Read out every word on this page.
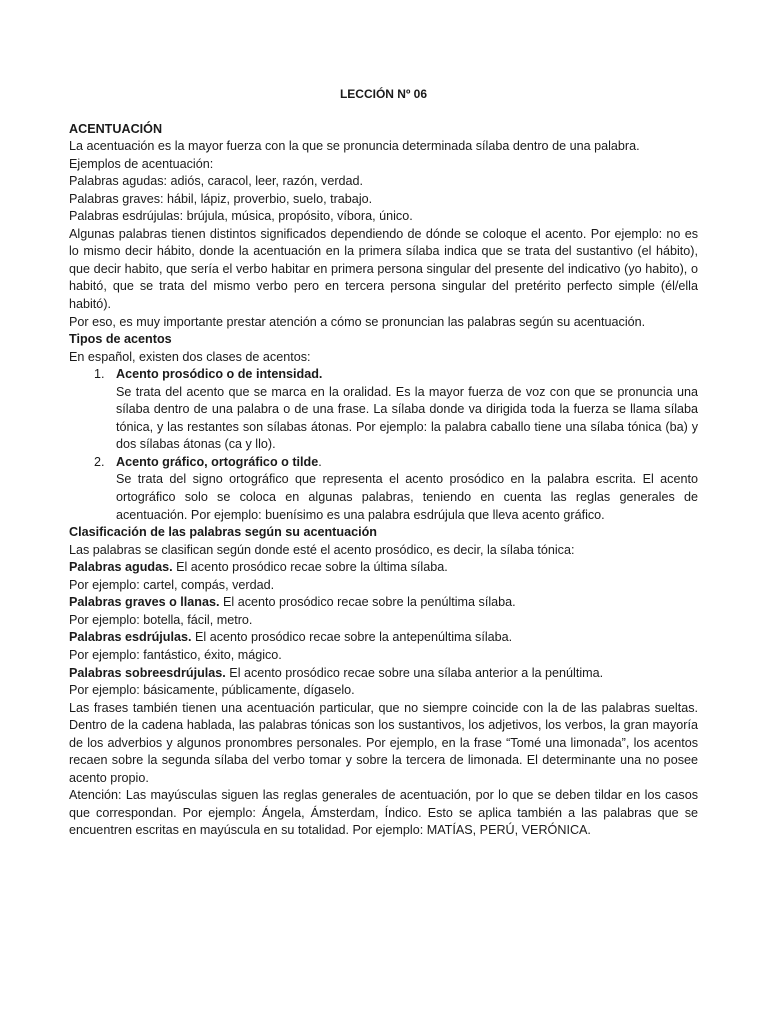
LECCIÓN Nº 06

ACENTUACIÓN

La acentuación es la mayor fuerza con la que se pronuncia determinada sílaba dentro de una palabra.

Ejemplos de acentuación:

Palabras agudas: adiós, caracol, leer, razón, verdad.

Palabras graves: hábil, lápiz, proverbio, suelo, trabajo.

Palabras esdrújulas: brújula, música, propósito, víbora, único.

Algunas palabras tienen distintos significados dependiendo de dónde se coloque el acento. Por ejemplo: no es lo mismo decir hábito, donde la acentuación en la primera sílaba indica que se trata del sustantivo (el hábito), que decir habito, que sería el verbo habitar en primera persona singular del presente del indicativo (yo habito), o habitó, que se trata del mismo verbo pero en tercera persona singular del pretérito perfecto simple (él/ella habitó).

Por eso, es muy importante prestar atención a cómo se pronuncian las palabras según su acentuación.

Tipos de acentos

En español, existen dos clases de acentos:

1. Acento prosódico o de intensidad.

Se trata del acento que se marca en la oralidad. Es la mayor fuerza de voz con que se pronuncia una sílaba dentro de una palabra o de una frase. La sílaba donde va dirigida toda la fuerza se llama sílaba tónica, y las restantes son sílabas átonas. Por ejemplo: la palabra caballo tiene una sílaba tónica (ba) y dos sílabas átonas (ca y llo).

2. Acento gráfico, ortográfico o tilde.

Se trata del signo ortográfico que representa el acento prosódico en la palabra escrita. El acento ortográfico solo se coloca en algunas palabras, teniendo en cuenta las reglas generales de acentuación. Por ejemplo: buenísimo es una palabra esdrújula que lleva acento gráfico.

Clasificación de las palabras según su acentuación

Las palabras se clasifican según donde esté el acento prosódico, es decir, la sílaba tónica:

Palabras agudas. El acento prosódico recae sobre la última sílaba.

Por ejemplo: cartel, compás, verdad.

Palabras graves o llanas. El acento prosódico recae sobre la penúltima sílaba.

Por ejemplo: botella, fácil, metro.

Palabras esdrújulas. El acento prosódico recae sobre la antepenúltima sílaba.

Por ejemplo: fantástico, éxito, mágico.

Palabras sobreesdrújulas. El acento prosódico recae sobre una sílaba anterior a la penúltima.

Por ejemplo: básicamente, públicamente, dígaselo.

Las frases también tienen una acentuación particular, que no siempre coincide con la de las palabras sueltas. Dentro de la cadena hablada, las palabras tónicas son los sustantivos, los adjetivos, los verbos, la gran mayoría de los adverbios y algunos pronombres personales. Por ejemplo, en la frase “Tomé una limonada”, los acentos recaen sobre la segunda sílaba del verbo tomar y sobre la tercera de limonada. El determinante una no posee acento propio.

Atención: Las mayúsculas siguen las reglas generales de acentuación, por lo que se deben tildar en los casos que correspondan. Por ejemplo: Ángela, Ámsterdam, Índico. Esto se aplica también a las palabras que se encuentren escritas en mayúscula en su totalidad. Por ejemplo: MATÍAS, PERÚ, VERÓNICA.
